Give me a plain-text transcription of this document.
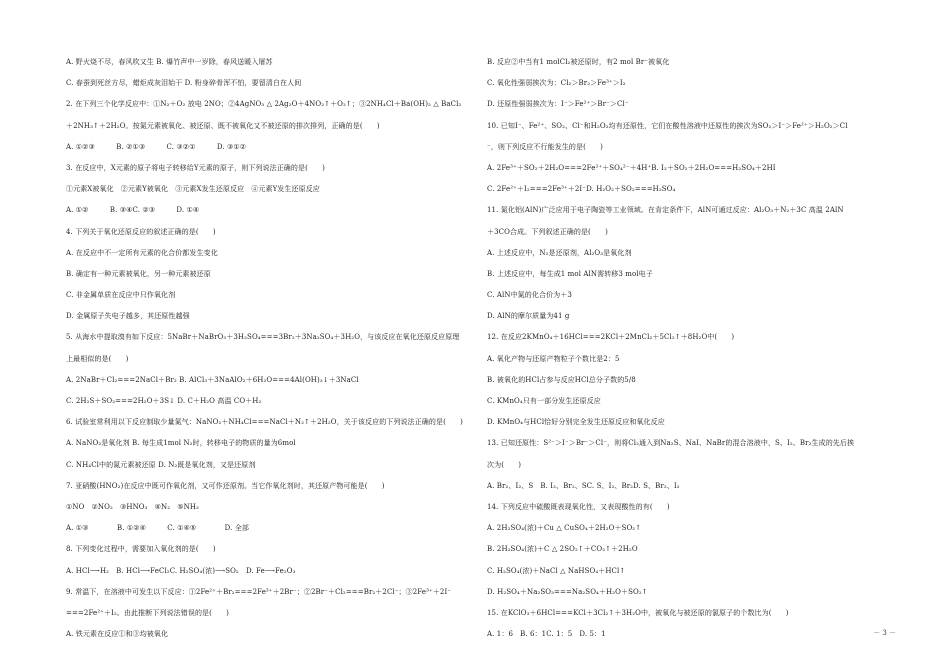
A. 野火烧不尽，春风吹又生 B. 爆竹声中一岁除，春风送暖入屠苏
C. 春蚕到死丝方尽，蜡炬成灰泪始干 D. 粉身碎骨浑不怕，要留清白在人间
2. 在下列三个化学反应中：①N₂＋O₂ 放电 2NO；②4AgNO₃ △ 2Ag₂O＋4NO₂↑＋O₂↑；③2NH₄Cl＋Ba(OH)₂ △ BaCl₂
＋2NH₃↑＋2H₂O。按氮元素被氧化、被还原、既不被氧化又不被还原的排次排列，正确的是(　　)
A. ①②③　　　B. ②①③　　　C. ③②①　　　D. ③①②
3. 在反应中，X元素的原子将电子转移给Y元素的原子，则下列说法正确的是(　　)
①元素X被氧化　②元素Y被氧化　③元素X发生还原反应　④元素Y发生还原反应
A. ①②　　　B. ③④C. ②③　　　D. ①④
4. 下列关于氧化还原反应的叙述正确的是(　　)
A. 在反应中不一定所有元素的化合价都发生变化
B. 确定有一种元素被氧化，另一种元素被还原
C. 非金属单质在反应中只作氧化剂
D. 金属原子失电子越多，其还原性越强
5. 从海水中提取溴有如下反应：5NaBr＋NaBrO₃＋3H₂SO₄===3Br₂＋3Na₂SO₄＋3H₂O，与该反应在氧化还原反应原理
上最相似的是(　　)
A. 2NaBr＋Cl₂===2NaCl＋Br₂ B. AlCl₃＋3NaAlO₂＋6H₂O===4Al(OH)₃↓＋3NaCl
C. 2H₂S＋SO₂===2H₂O＋3S↓ D. C＋H₂O 高温 CO＋H₂
6. 试验室常利用以下反应制取少量氮气：NaNO₂＋NH₄Cl===NaCl＋N₂↑＋2H₂O，关于该反应的下列说法正确的是(　　)
A. NaNO₂是氧化剂 B. 每生成1mol N₂时，转移电子的物质的量为6mol
C. NH₄Cl中的氮元素被还原 D. N₂既是氧化剂，又是还原剂
7. 亚硝酸(HNO₂)在反应中既可作氧化剂，又可作还原剂。当它作氧化剂时，其还原产物可能是(　　)
①NO　②NO₂　③HNO₃　④N₂　⑤NH₃
A. ①③　　　　B. ①②④　　　C. ①④⑤　　　　D. 全部
8. 下列变化过程中，需要加入氧化剂的是(　　)
A. HCl⟶H₂　B. HCl⟶FeCl₂C. H₂SO₄(浓)⟶SO₂　D. Fe⟶Fe₂O₃
9. 常温下，在溶液中可发生以下反应：①2Fe²⁺＋Br₂===2Fe³⁺＋2Br⁻；②2Br⁻＋Cl₂===Br₂＋2Cl⁻；③2Fe³⁺＋2I⁻
===2Fe²⁺＋I₂。由此推断下列说法错误的是(　　)
A. 铁元素在反应①和③均被氧化
B. 反应②中当有1 molCl₂被还原时，有2 mol Br⁻被氧化
C. 氧化性强弱挨次为：Cl₂＞Br₂＞Fe³⁺＞I₂
D. 还原性强弱挨次为：I⁻＞Fe²⁺＞Br⁻＞Cl⁻
10. 已知I⁻、Fe²⁺、SO₂、Cl⁻和H₂O₂均有还原性，它们在酸性溶液中还原性的挨次为SO₂＞I⁻＞Fe²⁺＞H₂O₂＞Cl
⁻，则下列反应不行能发生的是(　　)
A. 2Fe³⁺＋SO₂＋2H₂O===2Fe²⁺＋SO₄²⁻＋4H⁺B. I₂＋SO₂＋2H₂O===H₂SO₄＋2HI
C. 2Fe²⁺＋I₂===2Fe³⁺＋2I⁻D. H₂O₂＋SO₂===H₂SO₄
11. 氮化铝(AlN)广泛应用于电子陶瓷等工业领域。在肯定条件下，AlN可通过反应：Al₂O₃＋N₂＋3C 高温 2AlN
＋3CO合成。下列叙述正确的是(　　)
A. 上述反应中，N₂是还原剂，Al₂O₃是氧化剂
B. 上述反应中，每生成1 mol AlN需转移3 mol电子
C. AlN中氮的化合价为＋3
D. AlN的摩尔质量为41 g
12. 在反应2KMnO₄＋16HCl===2KCl＋2MnCl₂＋5Cl₂↑＋8H₂O中(　　)
A. 氧化产物与还原产物粒子个数比是2：5
B. 被氧化的HCl占参与反应HCl总分子数的5/8
C. KMnO₄只有一部分发生还原反应
D. KMnO₄与HCl恰好分别完全发生还原反应和氧化反应
13. 已知还原性：S²⁻＞I⁻＞Br⁻＞Cl⁻，则将Cl₂通入到Na₂S、NaI、NaBr的混合溶液中，S、I₂、Br₂生成的先后挨
次为(　　)
A. Br₂、I₂、S　B. I₂、Br₂、SC. S、I₂、Br₂D. S、Br₂、I₂
14. 下列反应中硫酸既表现氧化性，又表现酸性的有(　　)
A. 2H₂SO₄(浓)＋Cu △ CuSO₄＋2H₂O＋SO₂↑
B. 2H₂SO₄(浓)＋C △ 2SO₂↑＋CO₂↑＋2H₂O
C. H₂SO₄(浓)＋NaCl △ NaHSO₄＋HCl↑
D. H₂SO₄＋Na₂SO₃===Na₂SO₄＋H₂O＋SO₂↑
15. 在KClO₃＋6HCl===KCl＋3Cl₂↑＋3H₂O中，被氧化与被还原的氯原子的个数比为(　　)
A. 1：6　B. 6：1C. 1：5　D. 5：1	－ 3 －
